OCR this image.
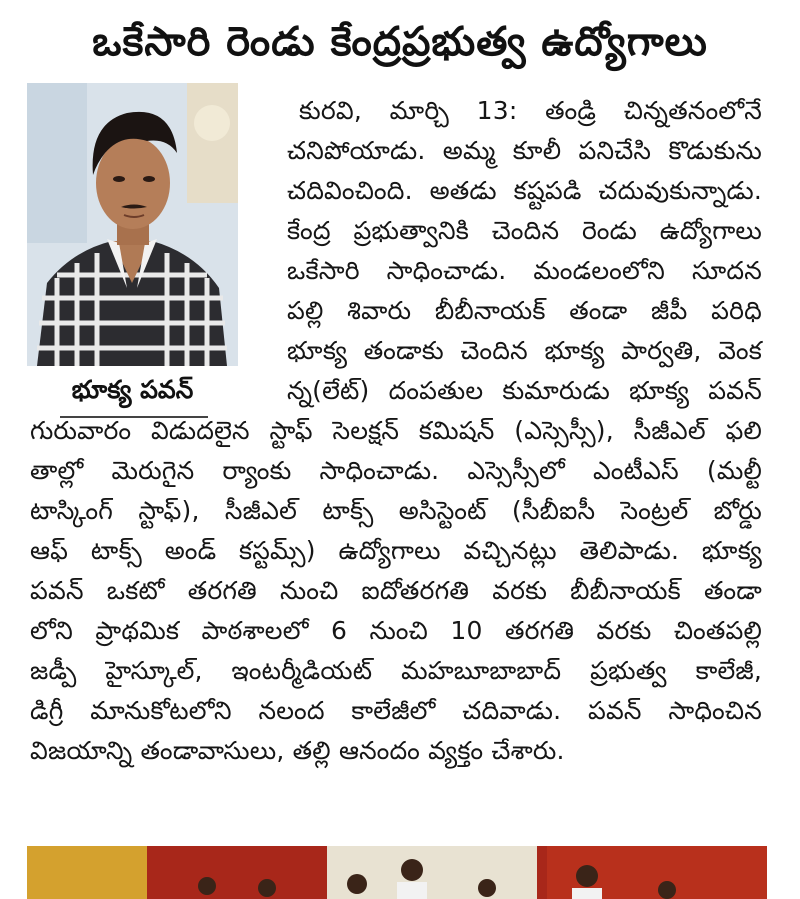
ఒకేసారి రెండు కేంద్రప్రభుత్వ ఉద్యోగాలు
భూక్య పవన్
కురవి, మార్చి 13: తండ్రి చిన్నతనంలోనే
చనిపోయాడు. అమ్మ కూలీ పనిచేసి కొడుకును
చదివించింది. అతడు కష్టపడి చదువుకున్నాడు.
కేంద్ర ప్రభుత్వానికి చెందిన రెండు ఉద్యోగాలు
ఒకేసారి సాధించాడు. మండలంలోని సూదన
పల్లి శివారు బీబీనాయక్ తండా జీపీ పరిధి
భూక్య తండాకు చెందిన భూక్య పార్వతి, వెంక
న్న(లేట్) దంపతుల కుమారుడు భూక్య పవన్
గురువారం విడుదలైన స్టాఫ్ సెలక్షన్ కమిషన్ (ఎస్సెస్సీ), సీజీఎల్ ఫలి
తాల్లో మెరుగైన ర్యాంకు సాధించాడు. ఎస్సెస్సీలో ఎంటీఎస్ (మల్టీ
టాస్కింగ్ స్టాఫ్), సీజీఎల్ టాక్స్ అసిస్టెంట్ (సీబీఐసీ సెంట్రల్ బోర్డు
ఆఫ్ టాక్స్ అండ్ కస్టమ్స్) ఉద్యోగాలు వచ్చినట్లు తెలిపాడు. భూక్య
పవన్ ఒకటో తరగతి నుంచి ఐదోతరగతి వరకు బీబీనాయక్ తండా
లోని ప్రాథమిక పాఠశాలలో 6 నుంచి 10 తరగతి వరకు చింతపల్లి
జడ్పీ హైస్కూల్, ఇంటర్మీడియట్ మహబూబాబాద్ ప్రభుత్వ కాలేజీ,
డిగ్రీ మానుకోటలోని నలంద కాలేజీలో చదివాడు. పవన్ సాధించిన
విజయాన్ని తండావాసులు, తల్లి ఆనందం వ్యక్తం చేశారు.
